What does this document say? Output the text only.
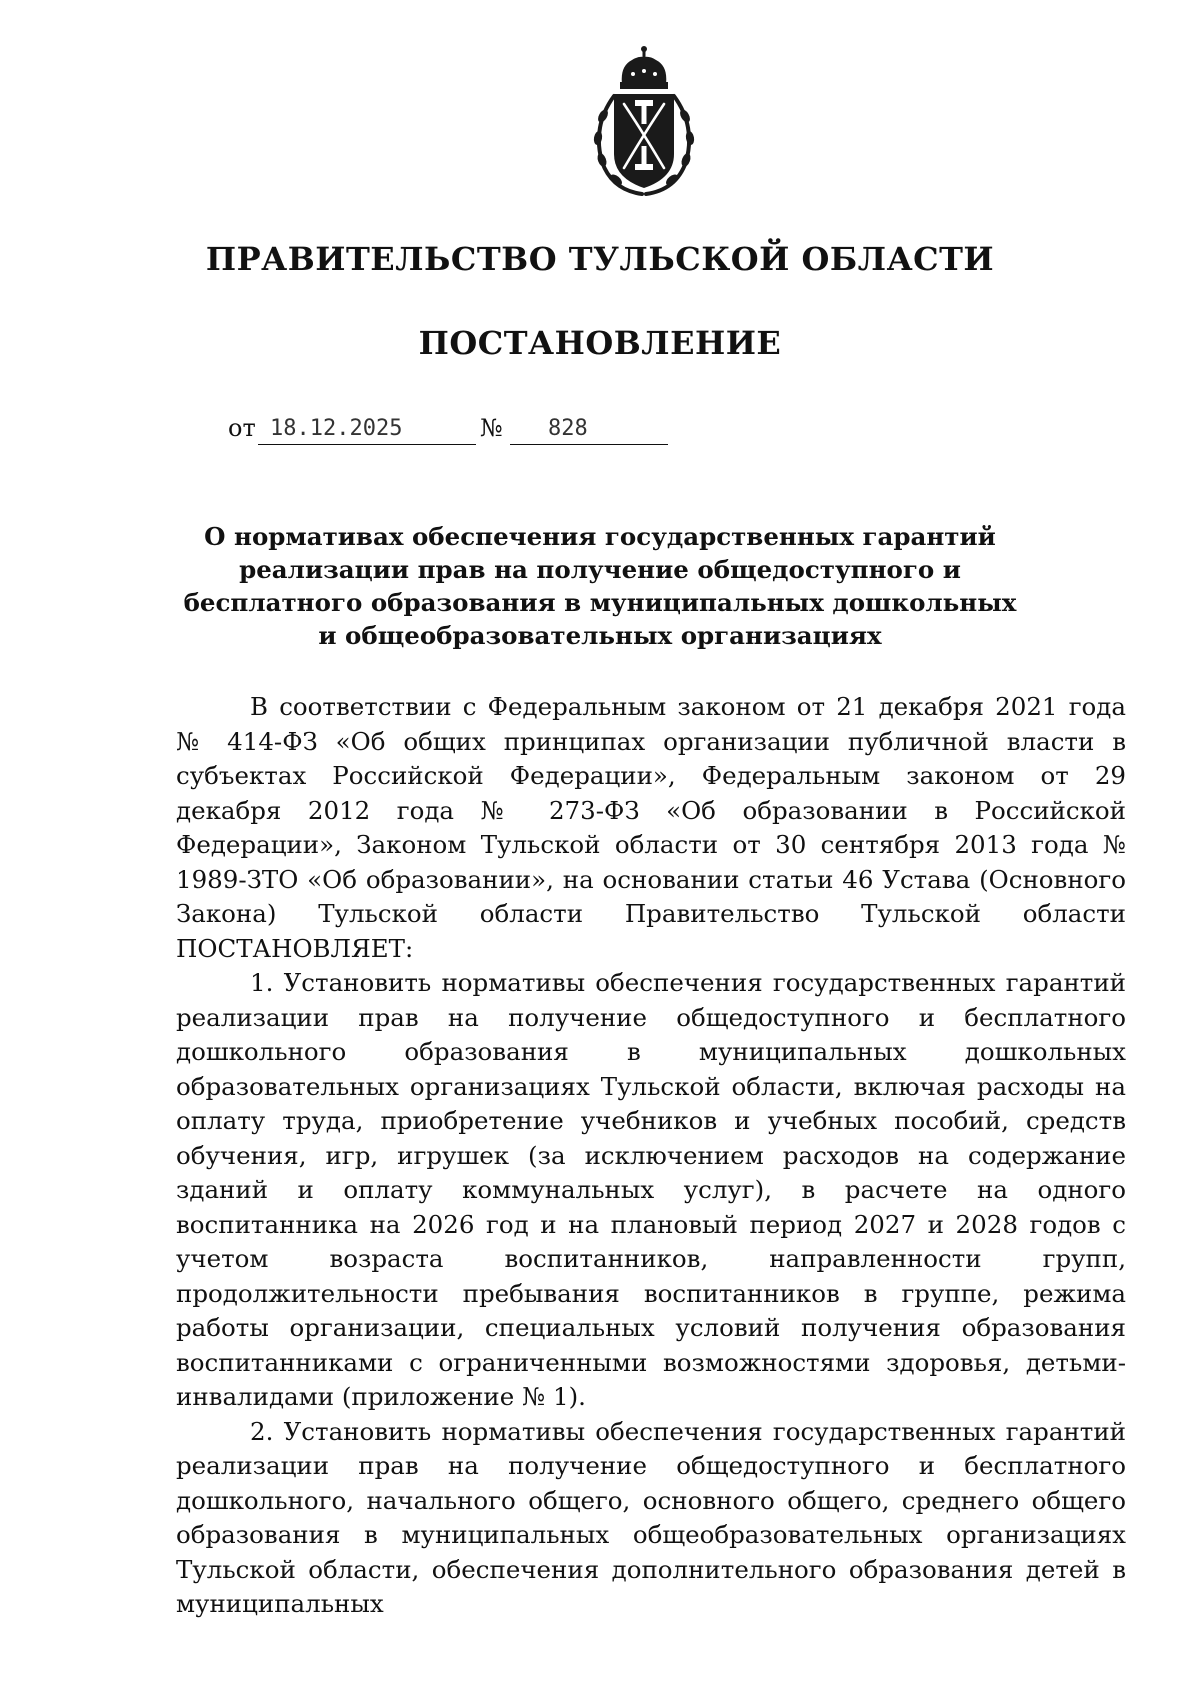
ПРАВИТЕЛЬСТВО ТУЛЬСКОЙ ОБЛАСТИ
ПОСТАНОВЛЕНИЕ
от 18.12.2025	№ 828
О нормативах обеспечения государственных гарантий реализации прав на получение общедоступного и бесплатного образования в муниципальных дошкольных и общеобразовательных организациях

В соответствии с Федеральным законом от 21 декабря 2021 года № 414-ФЗ «Об общих принципах организации публичной власти в субъектах Российской Федерации», Федеральным законом от 29 декабря 2012 года № 273-ФЗ «Об образовании в Российской Федерации», Законом Тульской области от 30 сентября 2013 года № 1989-ЗТО «Об образовании», на основании статьи 46 Устава (Основного Закона) Тульской области Правительство Тульской области ПОСТАНОВЛЯЕТ:

1. Установить нормативы обеспечения государственных гарантий реализации прав на получение общедоступного и бесплатного дошкольного образования в муниципальных дошкольных образовательных организациях Тульской области, включая расходы на оплату труда, приобретение учебников и учебных пособий, средств обучения, игр, игрушек (за исключением расходов на содержание зданий и оплату коммунальных услуг), в расчете на одного воспитанника на 2026 год и на плановый период 2027 и 2028 годов с учетом возраста воспитанников, направленности групп, продолжительности пребывания воспитанников в группе, режима работы организации, специальных условий получения образования воспитанниками с ограниченными возможностями здоровья, детьми-инвалидами (приложение № 1).

2. Установить нормативы обеспечения государственных гарантий реализации прав на получение общедоступного и бесплатного дошкольного, начального общего, основного общего, среднего общего образования в муниципальных общеобразовательных организациях Тульской области, обеспечения дополнительного образования детей в муниципальных
